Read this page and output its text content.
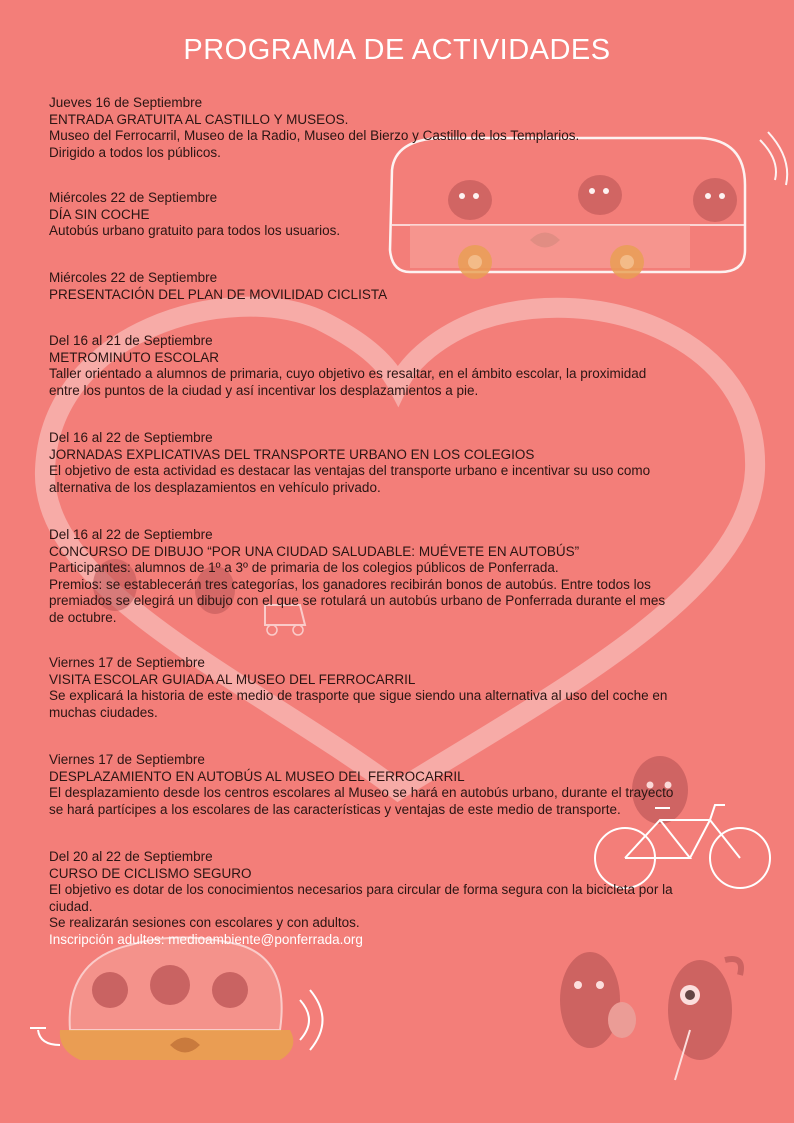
PROGRAMA DE ACTIVIDADES

Jueves 16 de Septiembre

ENTRADA GRATUITA AL CASTILLO Y MUSEOS.

Museo del Ferrocarril, Museo de la Radio, Museo del Bierzo y Castillo de los Templarios.

Dirigido a todos los públicos.

Miércoles 22 de Septiembre

DÍA SIN COCHE

Autobús urbano gratuito para todos los usuarios.

Miércoles 22 de Septiembre

PRESENTACIÓN DEL PLAN DE MOVILIDAD CICLISTA

Del 16 al 21 de Septiembre

METROMINUTO ESCOLAR

Taller orientado a alumnos de primaria, cuyo objetivo es resaltar, en el ámbito escolar, la proximidad

entre los puntos de la ciudad y así incentivar los desplazamientos a pie.

Del 16 al 22 de Septiembre

JORNADAS EXPLICATIVAS DEL TRANSPORTE URBANO EN LOS COLEGIOS

El objetivo de esta actividad es destacar las ventajas del transporte urbano e incentivar su uso como

alternativa de los desplazamientos en vehículo privado.

Del 16 al 22 de Septiembre

CONCURSO DE DIBUJO “POR UNA CIUDAD SALUDABLE: MUÉVETE EN AUTOBÚS”

Participantes: alumnos de 1º a 3º de primaria de los colegios públicos de Ponferrada.

Premios: se establecerán tres categorías, los ganadores recibirán bonos de autobús. Entre todos los

premiados se elegirá un dibujo con el que se rotulará un autobús urbano de Ponferrada durante el mes

de octubre.

Viernes 17 de Septiembre

VISITA ESCOLAR GUIADA AL MUSEO DEL FERROCARRIL

Se explicará la historia de este medio de trasporte que sigue siendo una alternativa al uso del coche en

muchas ciudades.

Viernes 17 de Septiembre

DESPLAZAMIENTO EN AUTOBÚS AL MUSEO DEL FERROCARRIL

El desplazamiento desde los centros escolares al Museo se hará en autobús urbano, durante el trayecto

se hará partícipes a los escolares de las características y ventajas de este medio de transporte.

Del 20 al 22 de Septiembre

CURSO DE CICLISMO SEGURO

El objetivo es dotar de los conocimientos necesarios para circular de forma segura con la bicicleta por la

ciudad.

Se realizarán sesiones con escolares y con adultos.

Inscripción adultos: medioambiente@ponferrada.org
